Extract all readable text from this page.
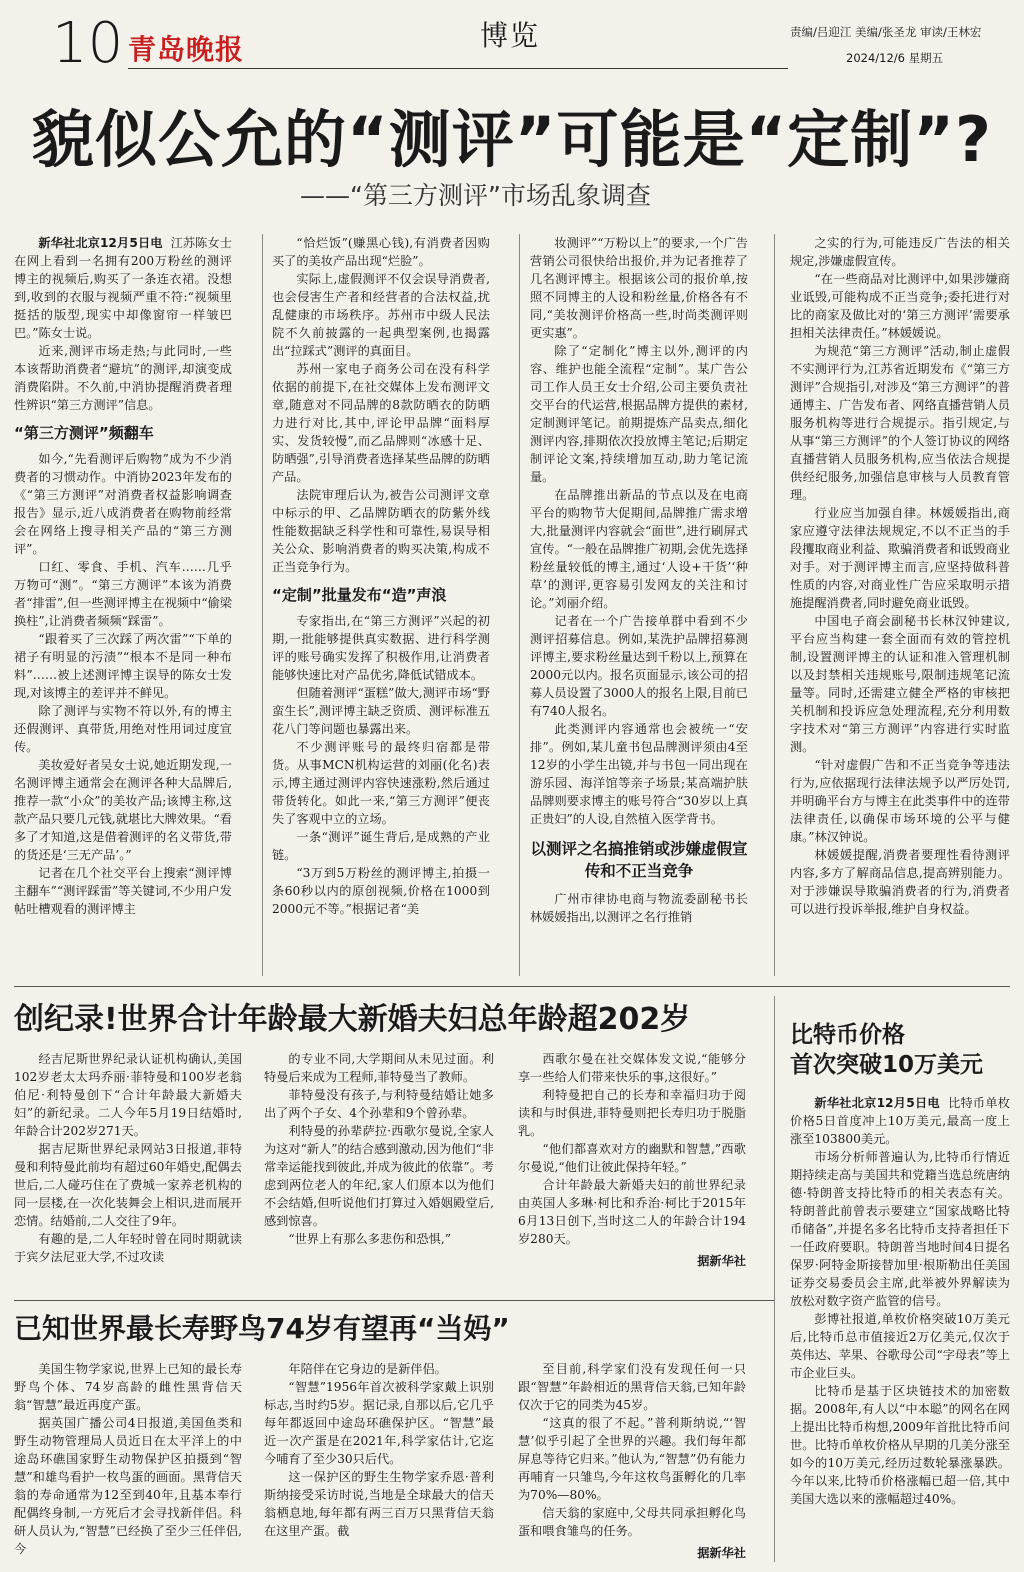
10 青岛晚报	博览	责编/吕迎江 美编/张圣龙 审读/王林宏
2024/12/6 星期五
貌似公允的“测评”可能是“定制”?
——“第三方测评”市场乱象调查

新华社北京12月5日电 江苏陈女士在网上看到一名拥有200万粉丝的测评博主的视频后,购买了一条连衣裙。没想到,收到的衣服与视频严重不符:“视频里挺括的版型,现实中却像窗帘一样皱巴巴。”陈女士说。

近来,测评市场走热;与此同时,一些本该帮助消费者“避坑”的测评,却演变成消费陷阱。不久前,中消协提醒消费者理性辨识“第三方测评”信息。

“第三方测评”频翻车

如今,“先看测评后购物”成为不少消费者的习惯动作。中消协2023年发布的《“第三方测评”对消费者权益影响调查报告》显示,近八成消费者在购物前经常会在网络上搜寻相关产品的“第三方测评”。

口红、零食、手机、汽车……几乎万物可“测”。“第三方测评”本该为消费者“排雷”,但一些测评博主在视频中“偷梁换柱”,让消费者频频“踩雷”。

“跟着买了三次踩了两次雷”“下单的裙子有明显的污渍”“根本不是同一种布料”……被上述测评博主误导的陈女士发现,对该博主的差评并不鲜见。

除了测评与实物不符以外,有的博主还假测评、真带货,用绝对性用词过度宣传。

美妆爱好者吴女士说,她近期发现,一名测评博主通常会在测评各种大品牌后,推荐一款“小众”的美妆产品;该博主称,这款产品只要几元钱,就堪比大牌效果。“看多了才知道,这是借着测评的名义带货,带的货还是‘三无产品’。”

记者在几个社交平台上搜索“测评博主翻车”“测评踩雷”等关键词,不少用户发帖吐槽观看的测评博主

“恰烂饭”(赚黑心钱),有消费者因购买了的美妆产品出现“烂脸”。

实际上,虚假测评不仅会误导消费者,也会侵害生产者和经营者的合法权益,扰乱健康的市场秩序。苏州市中级人民法院不久前披露的一起典型案例,也揭露出“拉踩式”测评的真面目。

苏州一家电子商务公司在没有科学依据的前提下,在社交媒体上发布测评文章,随意对不同品牌的8款防晒衣的防晒力进行对比,其中,评论甲品牌“面料厚实、发货较慢”,而乙品牌则“冰感十足、防晒强”,引导消费者选择某些品牌的防晒产品。

法院审理后认为,被告公司测评文章中标示的甲、乙品牌防晒衣的防紫外线性能数据缺乏科学性和可靠性,易误导相关公众、影响消费者的购买决策,构成不正当竞争行为。

“定制”批量发布“造”声浪

专家指出,在“第三方测评”兴起的初期,一批能够提供真实数据、进行科学测评的账号确实发挥了积极作用,让消费者能够快速比对产品优劣,降低试错成本。

但随着测评“蛋糕”做大,测评市场“野蛮生长”,测评博主缺乏资质、测评标准五花八门等问题也暴露出来。

不少测评账号的最终归宿都是带货。从事MCN机构运营的刘丽(化名)表示,博主通过测评内容快速涨粉,然后通过带货转化。如此一来,“第三方测评”便丧失了客观中立的立场。

一条“测评”诞生背后,是成熟的产业链。

“3万到5万粉丝的测评博主,拍摄一条60秒以内的原创视频,价格在1000到2000元不等。”根据记者“美

妆测评”“万粉以上”的要求,一个广告营销公司很快给出报价,并为记者推荐了几名测评博主。根据该公司的报价单,按照不同博主的人设和粉丝量,价格各有不同,“美妆测评价格高一些,时尚类测评则更实惠”。

除了“定制化”博主以外,测评的内容、维护也能全流程“定制”。某广告公司工作人员王女士介绍,公司主要负责社交平台的代运营,根据品牌方提供的素材,定制测评笔记。前期提炼产品卖点,细化测评内容,排期依次投放博主笔记;后期定制评论文案,持续增加互动,助力笔记流量。

在品牌推出新品的节点以及在电商平台的购物节大促期间,品牌推广需求增大,批量测评内容就会“面世”,进行刷屏式宣传。“一般在品牌推广初期,会优先选择粉丝量较低的博主,通过‘人设+干货’‘种草’的测评,更容易引发网友的关注和讨论。”刘丽介绍。

记者在一个广告接单群中看到不少测评招募信息。例如,某洗护品牌招募测评博主,要求粉丝量达到千粉以上,预算在2000元以内。报名页面显示,该公司的招募人员设置了3000人的报名上限,目前已有740人报名。

此类测评内容通常也会被统一“安排”。例如,某儿童书包品牌测评须由4至12岁的小学生出镜,并与书包一同出现在游乐园、海洋馆等亲子场景;某高端护肤品牌则要求博主的账号符合“30岁以上真正贵妇”的人设,自然植入医学背书。

以测评之名搞推销或涉嫌虚假宣传和不正当竞争

广州市律协电商与物流委副秘书长林媛媛指出,以测评之名行推销

之实的行为,可能违反广告法的相关规定,涉嫌虚假宣传。

“在一些商品对比测评中,如果涉嫌商业诋毁,可能构成不正当竞争;委托进行对比的商家及做比对的‘第三方测评’需要承担相关法律责任。”林媛媛说。

为规范“第三方测评”活动,制止虚假不实测评行为,江苏省近期发布《“第三方测评”合规指引,对涉及“第三方测评”的普通博主、广告发布者、网络直播营销人员服务机构等进行合规提示。指引规定,与从事“第三方测评”的个人签订协议的网络直播营销人员服务机构,应当依法合规提供经纪服务,加强信息审核与人员教育管理。

行业应当加强自律。林媛媛指出,商家应遵守法律法规规定,不以不正当的手段攫取商业利益、欺骗消费者和诋毁商业对手。对于测评博主而言,应坚持做科普性质的内容,对商业性广告应采取明示措施提醒消费者,同时避免商业诋毁。

中国电子商会副秘书长林汉钟建议,平台应当构建一套全面而有效的管控机制,设置测评博主的认证和准入管理机制以及封禁相关违规账号,限制违规笔记流量等。同时,还需建立健全严格的审核把关机制和投诉应急处理流程,充分利用数字技术对“第三方测评”内容进行实时监测。

“针对虚假广告和不正当竞争等违法行为,应依据现行法律法规予以严厉处罚,并明确平台方与博主在此类事件中的连带法律责任,以确保市场环境的公平与健康。”林汉钟说。

林媛媛提醒,消费者要理性看待测评内容,多方了解商品信息,提高辨别能力。对于涉嫌误导欺骗消费者的行为,消费者可以进行投诉举报,维护自身权益。

创纪录!世界合计年龄最大新婚夫妇总年龄超202岁

经吉尼斯世界纪录认证机构确认,美国102岁老太太玛乔丽·菲特曼和100岁老翁伯尼·利特曼创下“合计年龄最大新婚夫妇”的新纪录。二人今年5月19日结婚时,年龄合计202岁271天。

据吉尼斯世界纪录网站3日报道,菲特曼和利特曼此前均有超过60年婚史,配偶去世后,二人碰巧住在了费城一家养老机构的同一层楼,在一次化装舞会上相识,进而展开恋情。结婚前,二人交往了9年。

有趣的是,二人年轻时曾在同时期就读于宾夕法尼亚大学,不过攻读

的专业不同,大学期间从未见过面。利特曼后来成为工程师,菲特曼当了教师。

菲特曼没有孩子,与利特曼结婚让她多出了两个子女、4个孙辈和9个曾孙辈。

利特曼的孙辈萨拉·西歌尔曼说,全家人为这对“新人”的结合感到激动,因为他们“非常幸运能找到彼此,并成为彼此的依靠”。考虑到两位老人的年纪,家人们原本以为他们不会结婚,但听说他们打算过入婚姻殿堂后,感到惊喜。

“世界上有那么多悲伤和恐惧,”

西歌尔曼在社交媒体发文说,“能够分享一些给人们带来快乐的事,这很好。”

利特曼把自己的长寿和幸福归功于阅读和与时俱进,菲特曼则把长寿归功于脱脂乳。

“他们都喜欢对方的幽默和智慧,”西歌尔曼说,“他们让彼此保持年轻。”

合计年龄最大新婚夫妇的前世界纪录由英国人多琳·柯比和乔治·柯比于2015年6月13日创下,当时这二人的年龄合计194岁280天。

据新华社
已知世界最长寿野鸟74岁有望再“当妈”

美国生物学家说,世界上已知的最长寿野鸟个体、74岁高龄的雌性黑背信天翁“智慧”最近再度产蛋。

据英国广播公司4日报道,美国鱼类和野生动物管理局人员近日在太平洋上的中途岛环礁国家野生动物保护区拍摄到“智慧”和雄鸟看护一枚鸟蛋的画面。黑背信天翁的寿命通常为12至到40年,且基本奉行配偶终身制,一方死后才会寻找新伴侣。科研人员认为,“智慧”已经换了至少三任伴侣,今

年陪伴在它身边的是新伴侣。

“智慧”1956年首次被科学家戴上识别标志,当时约5岁。据记录,自那以后,它几乎每年都返回中途岛环礁保护区。“智慧”最近一次产蛋是在2021年,科学家估计,它迄今哺育了至少30只后代。

这一保护区的野生生物学家乔恩·普利斯纳接受采访时说,当地是全球最大的信天翁栖息地,每年都有两三百万只黑背信天翁在这里产蛋。截

至目前,科学家们没有发现任何一只跟“智慧”年龄相近的黑背信天翁,已知年龄仅次于它的同类为45岁。

“这真的很了不起。”普利斯纳说,“‘智慧’似乎引起了全世界的兴趣。我们每年都屏息等待它归来。”他认为,“智慧”仍有能力再哺育一只雏鸟,今年这枚鸟蛋孵化的几率为70%—80%。

信天翁的家庭中,父母共同承担孵化鸟蛋和喂食雏鸟的任务。

据新华社
比特币价格
首次突破10万美元

新华社北京12月5日电 比特币单枚价格5日首度冲上10万美元,最高一度上涨至103800美元。

市场分析师普遍认为,比特币行情近期持续走高与美国共和党籍当选总统唐纳德·特朗普支持比特币的相关表态有关。特朗普此前曾表示要建立“国家战略比特币储备”,并提名多名比特币支持者担任下一任政府要职。特朗普当地时间4日提名保罗·阿特金斯接替加里·根斯勒出任美国证券交易委员会主席,此举被外界解读为放松对数字资产监管的信号。

彭博社报道,单枚价格突破10万美元后,比特币总市值接近2万亿美元,仅次于英伟达、苹果、谷歌母公司“字母表”等上市企业巨头。

比特币是基于区块链技术的加密数据。2008年,有人以“中本聪”的网名在网上提出比特币构想,2009年首批比特币问世。比特币单枚价格从早期的几美分涨至如今的10万美元,经历过数轮暴涨暴跌。今年以来,比特币价格涨幅已超一倍,其中美国大选以来的涨幅超过40%。
